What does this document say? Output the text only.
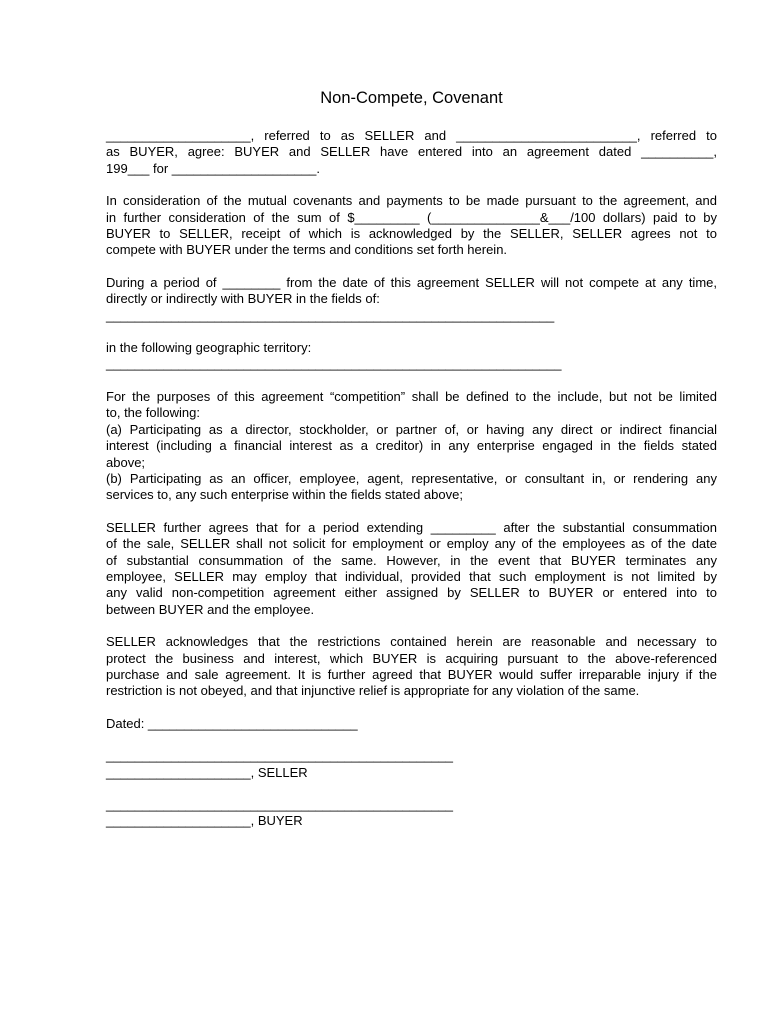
Non-Compete, Covenant
____________________, referred to as SELLER and _________________________, referred to
as BUYER, agree: BUYER and SELLER have entered into an agreement dated __________,
199___ for ____________________.
In consideration of the mutual covenants and payments to be made pursuant to the agreement, and
in further consideration of the sum of $_________ (_______________&___/100 dollars) paid to by
BUYER to SELLER, receipt of which is acknowledged by the SELLER, SELLER agrees not to
compete with BUYER under the terms and conditions set forth herein.
During a period of ________ from the date of this agreement SELLER will not compete at any time,
directly or indirectly with BUYER in the fields of:
______________________________________________________________
in the following geographic territory:
_______________________________________________________________
For the purposes of this agreement “competition” shall be defined to the include, but not be limited
to, the following:
(a) Participating as a director, stockholder, or partner of, or having any direct or indirect financial
interest (including a financial interest as a creditor) in any enterprise engaged in the fields stated
above;
(b) Participating as an officer, employee, agent, representative, or consultant in, or rendering any
services to, any such enterprise within the fields stated above;
SELLER further agrees that for a period extending _________ after the substantial consummation
of the sale, SELLER shall not solicit for employment or employ any of the employees as of the date
of substantial consummation of the same. However, in the event that BUYER terminates any
employee, SELLER may employ that individual, provided that such employment is not limited by
any valid non-competition agreement either assigned by SELLER to BUYER or entered into to
between BUYER and the employee.
SELLER acknowledges that the restrictions contained herein are reasonable and necessary to
protect the business and interest, which BUYER is acquiring pursuant to the above-referenced
purchase and sale agreement. It is further agreed that BUYER would suffer irreparable injury if the
restriction is not obeyed, and that injunctive relief is appropriate for any violation of the same.
Dated: _____________________________
________________________________________________
____________________, SELLER
________________________________________________
____________________, BUYER
